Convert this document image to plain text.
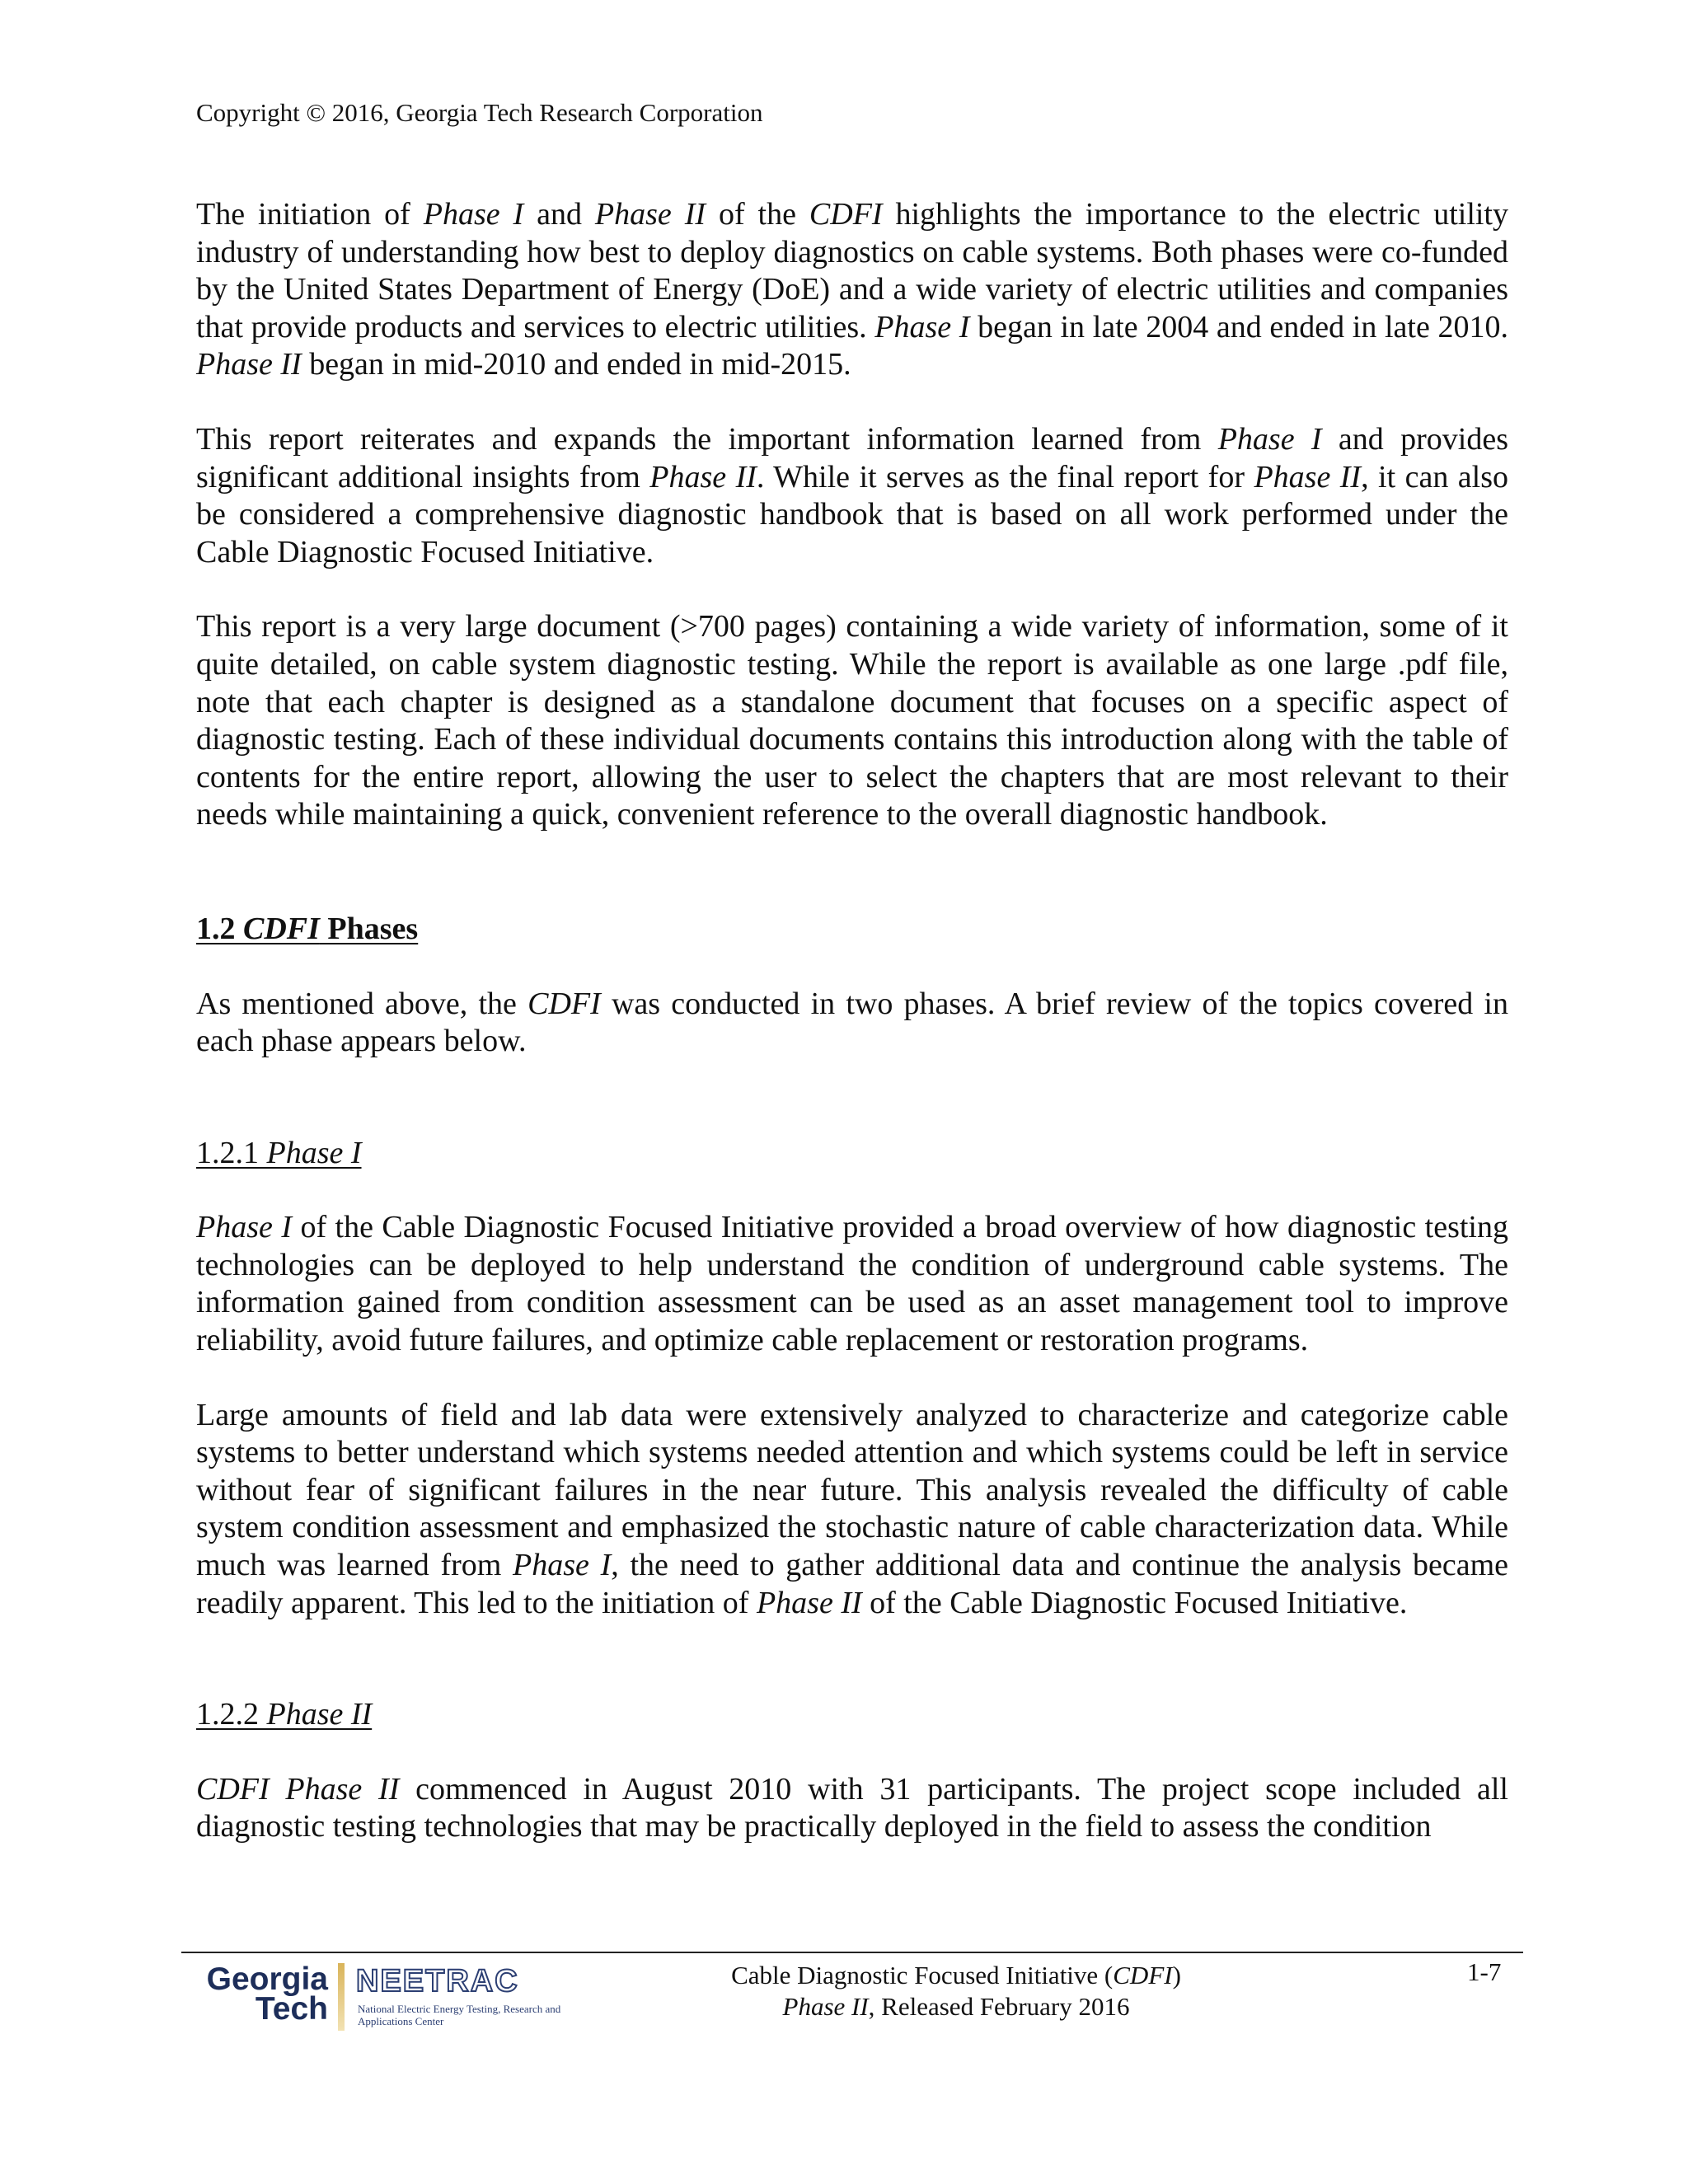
Copyright © 2016, Georgia Tech Research Corporation

The initiation of Phase I and Phase II of the CDFI highlights the importance to the electric utility industry of understanding how best to deploy diagnostics on cable systems. Both phases were co-funded by the United States Department of Energy (DoE) and a wide variety of electric utilities and companies that provide products and services to electric utilities. Phase I began in late 2004 and ended in late 2010. Phase II began in mid-2010 and ended in mid-2015.

This report reiterates and expands the important information learned from Phase I and provides significant additional insights from Phase II. While it serves as the final report for Phase II, it can also be considered a comprehensive diagnostic handbook that is based on all work performed under the Cable Diagnostic Focused Initiative.

This report is a very large document (>700 pages) containing a wide variety of information, some of it quite detailed, on cable system diagnostic testing. While the report is available as one large .pdf file, note that each chapter is designed as a standalone document that focuses on a specific aspect of diagnostic testing. Each of these individual documents contains this introduction along with the table of contents for the entire report, allowing the user to select the chapters that are most relevant to their needs while maintaining a quick, convenient reference to the overall diagnostic handbook.

1.2 CDFI Phases

As mentioned above, the CDFI was conducted in two phases. A brief review of the topics covered in each phase appears below.

1.2.1 Phase I

Phase I of the Cable Diagnostic Focused Initiative provided a broad overview of how diagnostic testing technologies can be deployed to help understand the condition of underground cable systems. The information gained from condition assessment can be used as an asset management tool to improve reliability, avoid future failures, and optimize cable replacement or restoration programs.

Large amounts of field and lab data were extensively analyzed to characterize and categorize cable systems to better understand which systems needed attention and which systems could be left in service without fear of significant failures in the near future. This analysis revealed the difficulty of cable system condition assessment and emphasized the stochastic nature of cable characterization data. While much was learned from Phase I, the need to gather additional data and continue the analysis became readily apparent. This led to the initiation of Phase II of the Cable Diagnostic Focused Initiative.

1.2.2 Phase II

CDFI Phase II commenced in August 2010 with 31 participants. The project scope included all diagnostic testing technologies that may be practically deployed in the field to assess the condition

Georgia
Tech
NEETRAC
National Electric Energy Testing, Research and Applications Center
Cable Diagnostic Focused Initiative (CDFI)
Phase II, Released February 2016
1-7
